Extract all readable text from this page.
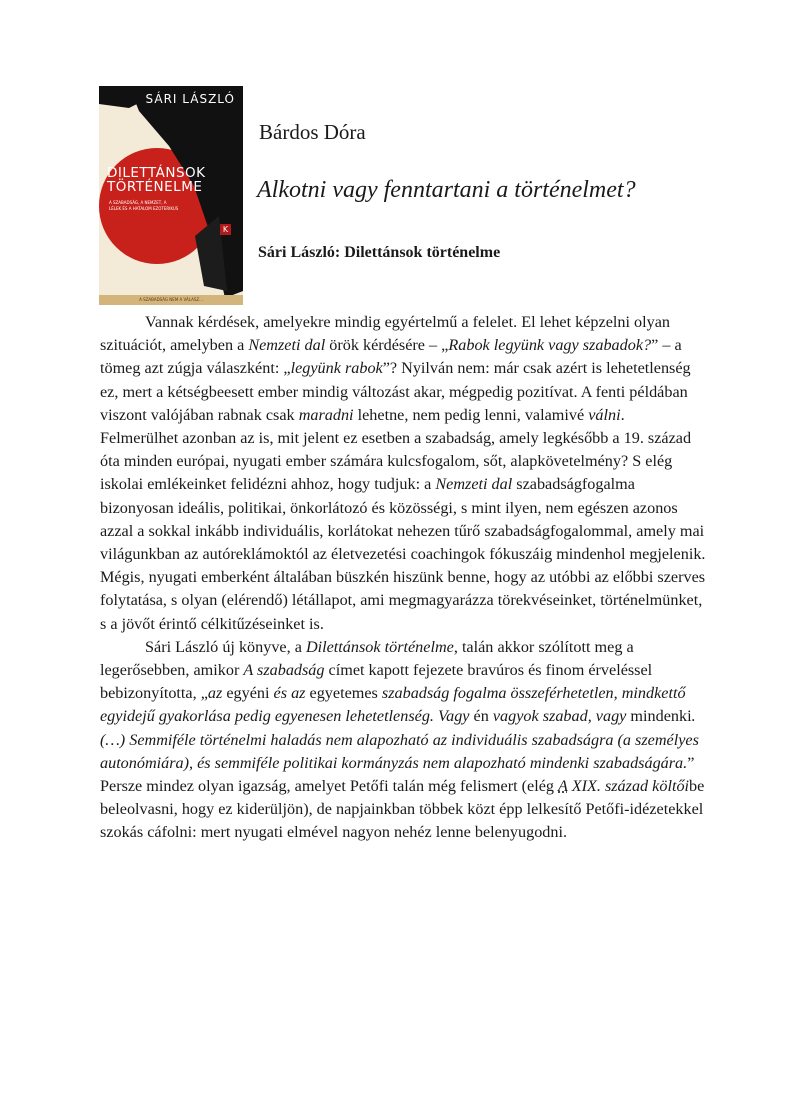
SÁRI LÁSZLÓ
DILETTÁNSOK
TÖRTÉNELME
A SZABADSÁG, A NEMZET, A LÉLEK ÉS A HATALOM EZOTERIKUS
K
A SZABADSÁG NEM A VÁLASZ...
Bárdos Dóra
Alkotni vagy fenntartani a történelmet?
Sári László: Dilettánsok történelme

Vannak kérdések, amelyekre mindig egyértelmű a felelet. El lehet képzelni olyan szituációt, amelyben a Nemzeti dal örök kérdésére – „Rabok legyünk vagy szabadok?” – a tömeg azt zúgja válaszként: „legyünk rabok”? Nyilván nem: már csak azért is lehetetlenség ez, mert a kétségbeesett ember mindig változást akar, mégpedig pozitívat. A fenti példában viszont valójában rabnak csak maradni lehetne, nem pedig lenni, valamivé válni. Felmerülhet azonban az is, mit jelent ez esetben a szabadság, amely legkésőbb a 19. század óta minden európai, nyugati ember számára kulcsfogalom, sőt, alapkövetelmény? S elég iskolai emlékeinket felidézni ahhoz, hogy tudjuk: a Nemzeti dal szabadságfogalma bizonyosan ideális, politikai, önkorlátozó és közösségi, s mint ilyen, nem egészen azonos azzal a sokkal inkább individuális, korlátokat nehezen tűrő szabadságfogalommal, amely mai világunkban az autóreklámoktól az életvezetési coachingok fókuszáig mindenhol megjelenik. Mégis, nyugati emberként általában büszkén hiszünk benne, hogy az utóbbi az előbbi szerves folytatása, s olyan (elérendő) létállapot, ami megmagyarázza törekvéseinket, történelmünket, s a jövőt érintő célkitűzéseinket is.

Sári László új könyve, a Dilettánsok történelme, talán akkor szólított meg a legerősebben, amikor A szabadság címet kapott fejezete bravúros és finom érveléssel bebizonyította, „az egyéni és az egyetemes szabadság fogalma összeférhetetlen, mindkettő egyidejű gyakorlása pedig egyenesen lehetetlenség. Vagy én vagyok szabad, vagy mindenki. (…) Semmiféle történelmi haladás nem alapozható az individuális szabadságra (a személyes autonómiára), és semmiféle politikai kormányzás nem alapozható mindenki szabadságára.” Persze mindez olyan igazság, amelyet Petőfi talán még felismert (elég A XIX. század költőibe beleolvasni, hogy ez kiderüljön), de napjainkban többek közt épp lelkesítő Petőfi-idézetekkel szokás cáfolni: mert nyugati elmével nagyon nehéz lenne belenyugodni.
